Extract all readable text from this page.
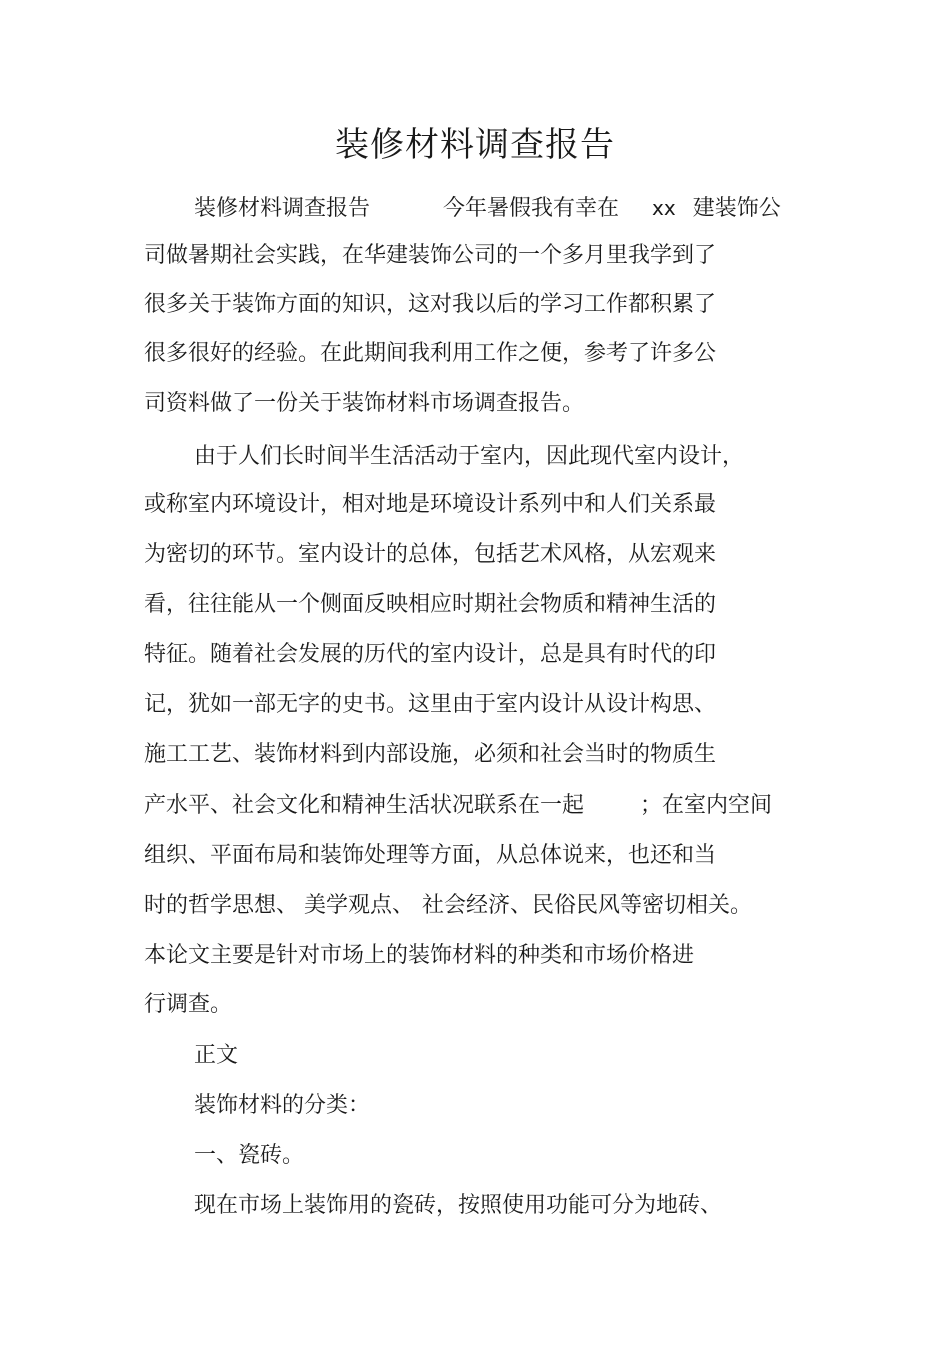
装修材料调查报告

装修材料调查报告	今年暑假我有幸在 xx 建装饰公

司做暑期社会实践，在华建装饰公司的一个多月里我学到了

很多关于装饰方面的知识，这对我以后的学习工作都积累了

很多很好的经验。在此期间我利用工作之便，参考了许多公

司资料做了一份关于装饰材料市场调查报告。

由于人们长时间半生活活动于室内，因此现代室内设计，

或称室内环境设计，相对地是环境设计系列中和人们关系最

为密切的环节。室内设计的总体，包括艺术风格，从宏观来

看，往往能从一个侧面反映相应时期社会物质和精神生活的

特征。随着社会发展的历代的室内设计，总是具有时代的印

记，犹如一部无字的史书。这里由于室内设计从设计构思、

施工工艺、装饰材料到内部设施，必须和社会当时的物质生

产水平、社会文化和精神生活状况联系在一起	；在室内空间

组织、平面布局和装饰处理等方面，从总体说来，也还和当

时的哲学思想、 美学观点、 社会经济、民俗民风等密切相关。

本论文主要是针对市场上的装饰材料的种类和市场价格进

行调查。

正文

装饰材料的分类：

一、瓷砖。

现在市场上装饰用的瓷砖，按照使用功能可分为地砖、
